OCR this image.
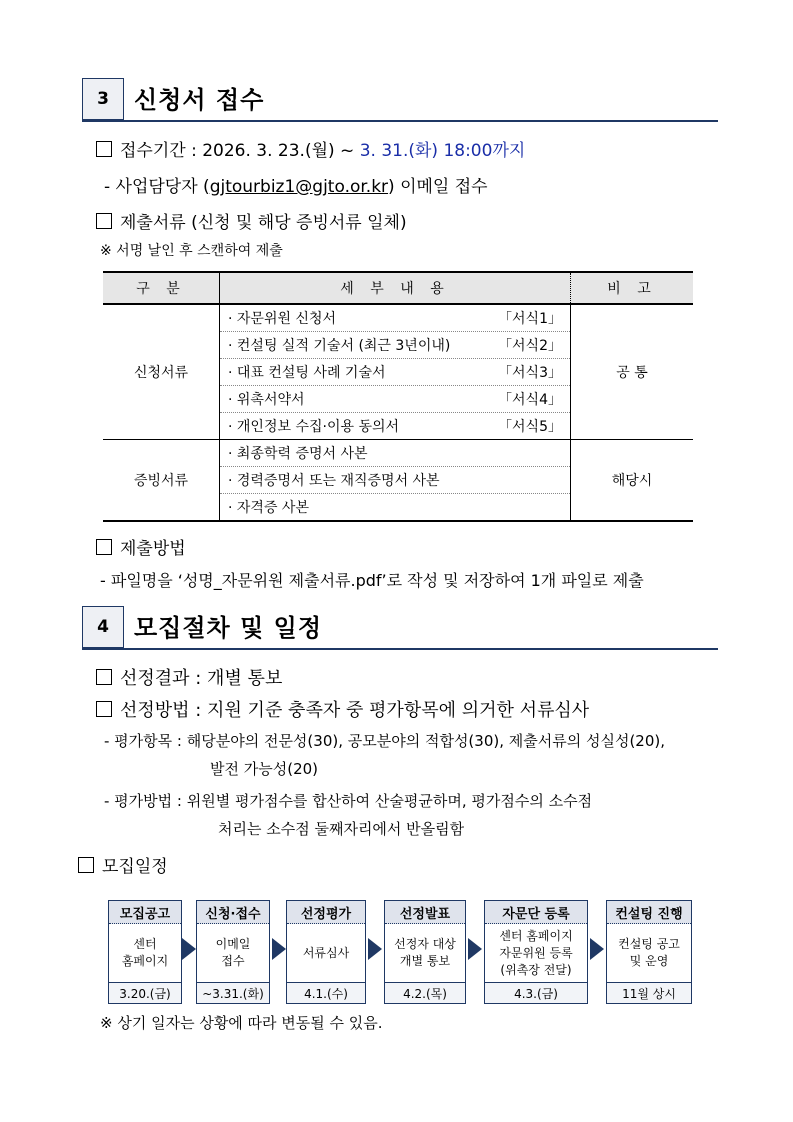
3	신청서 접수
접수기간 : 2026. 3. 23.(월) ~ 3. 31.(화) 18:00까지
- 사업담당자 (gjtourbiz1@gjto.or.kr) 이메일 접수
제출서류 (신청 및 해당 증빙서류 일체)
※ 서명 날인 후 스캔하여 제출
구 분	세 부 내 용	비 고
신청서류	· 자문위원 신청서 「서식1」	공 통

	· 컨설팅 실적 기술서 (최근 3년이내) 「서식2」	

	· 대표 컨설팅 사례 기술서 「서식3」	

	· 위촉서약서 「서식4」	

	· 개인정보 수집·이용 동의서 「서식5」	

증빙서류	· 최종학력 증명서 사본	해당시
	· 경력증명서 또는 재직증명서 사본	
	· 자격증 사본	
제출방법
- 파일명을 ‘성명_자문위원 제출서류.pdf’로 작성 및 저장하여 1개 파일로 제출
4	모집절차 및 일정
선정결과 : 개별 통보
선정방법 : 지원 기준 충족자 중 평가항목에 의거한 서류심사
- 평가항목 : 해당분야의 전문성(30), 공모분야의 적합성(30), 제출서류의 성실성(20),
발전 가능성(20)
- 평가방법 : 위원별 평가점수를 합산하여 산술평균하며, 평가점수의 소수점
처리는 소수점 둘째자리에서 반올림함
모집일정
모집공고
센터
홈페이지
3.20.(금)
신청·접수
이메일
접수
~3.31.(화)
선정평가
서류심사
4.1.(수)
선정발표
선정자 대상
개별 통보
4.2.(목)
자문단 등록
센터 홈페이지
자문위원 등록
(위촉장 전달)
4.3.(금)
컨설팅 진행
컨설팅 공고
및 운영
11월 상시
※ 상기 일자는 상황에 따라 변동될 수 있음.
